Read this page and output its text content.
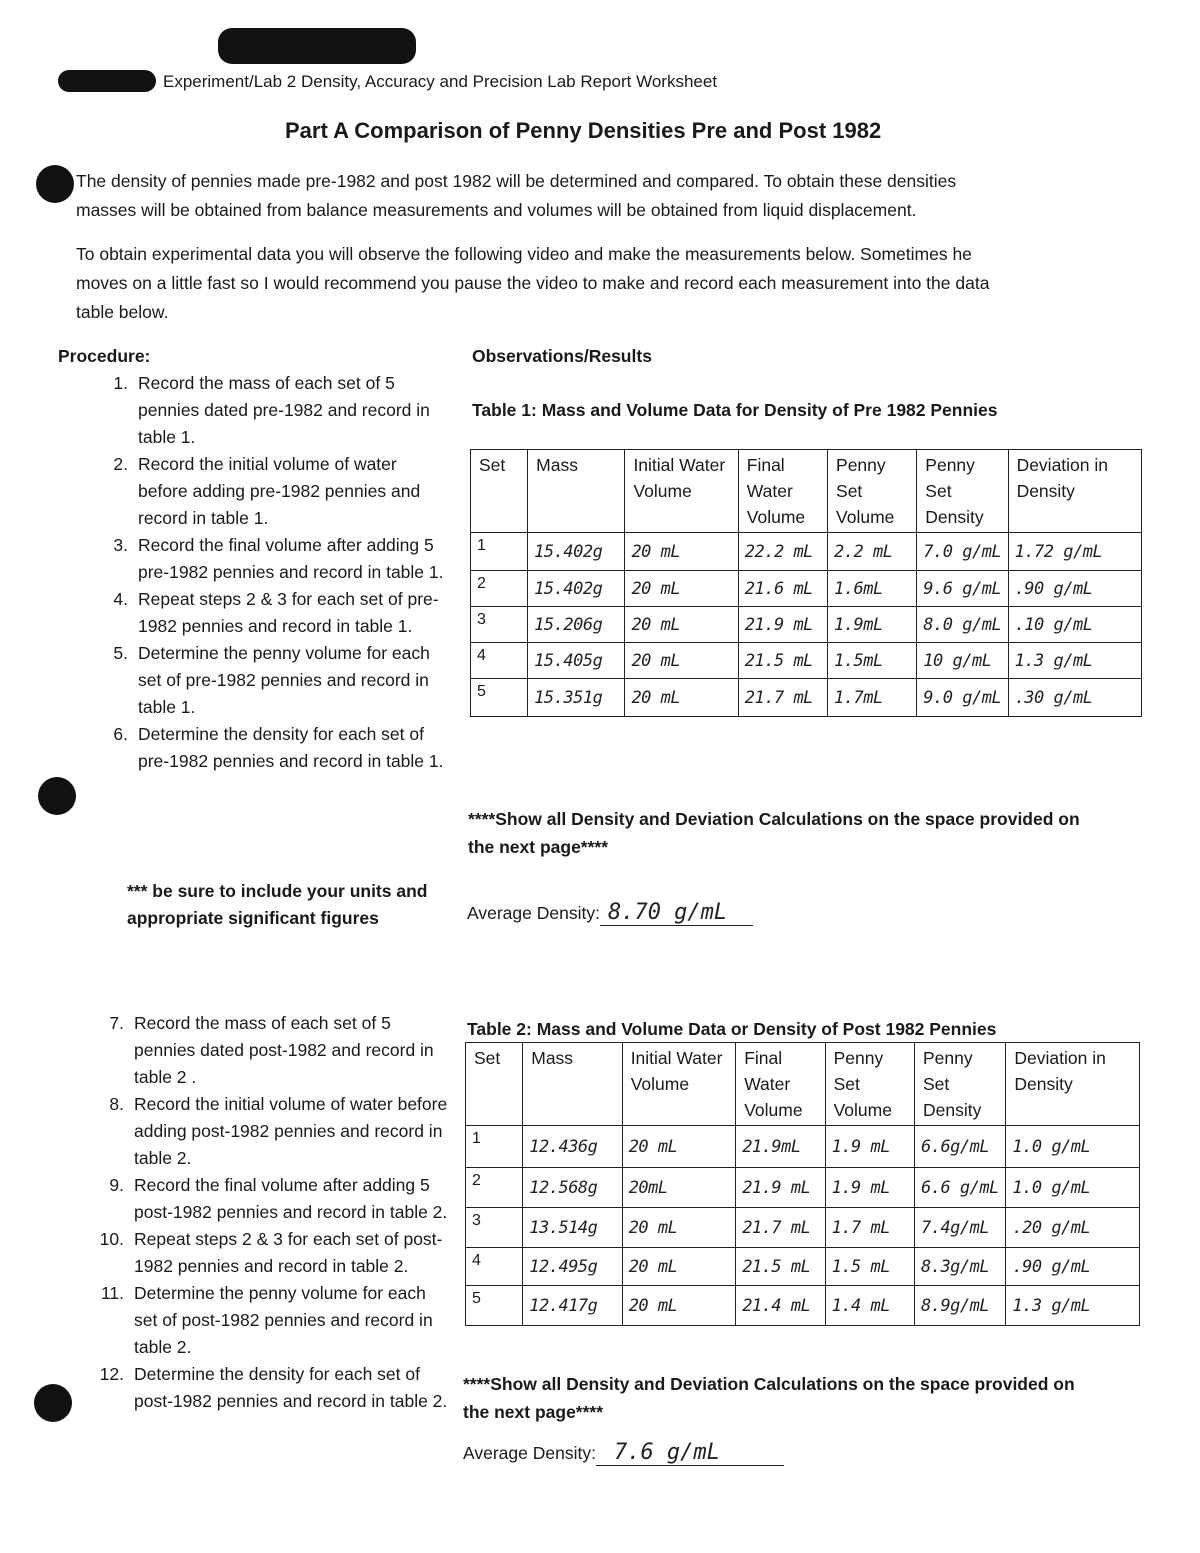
Experiment/Lab 2 Density, Accuracy and Precision Lab Report Worksheet
Part A Comparison of Penny Densities Pre and Post 1982
The density of pennies made pre-1982 and post 1982 will be determined and compared. To obtain these densities
masses will be obtained from balance measurements and volumes will be obtained from liquid displacement.
To obtain experimental data you will observe the following video and make the measurements below. Sometimes he
moves on a little fast so I would recommend you pause the video to make and record each measurement into the data
table below.
Procedure:
1. Record the mass of each set of 5 pennies dated pre-1982 and record in table 1.
2. Record the initial volume of water before adding pre-1982 pennies and record in table 1.
3. Record the final volume after adding 5 pre-1982 pennies and record in table 1.
4. Repeat steps 2 & 3 for each set of pre-1982 pennies and record in table 1.
5. Determine the penny volume for each set of pre-1982 pennies and record in table 1.
6. Determine the density for each set of pre-1982 pennies and record in table 1.
*** be sure to include your units and appropriate significant figures
7. Record the mass of each set of 5 pennies dated post-1982 and record in table 2 .
8. Record the initial volume of water before adding post-1982 pennies and record in table 2.
9. Record the final volume after adding 5 post-1982 pennies and record in table 2.
10. Repeat steps 2 & 3 for each set of post-1982 pennies and record in table 2.
11. Determine the penny volume for each set of post-1982 pennies and record in table 2.
12. Determine the density for each set of post-1982 pennies and record in table 2.
Observations/Results
Table 1: Mass and Volume Data for Density of Pre 1982 Pennies
Set	Mass	Initial Water Volume	Final Water Volume	Penny Set Volume	Penny Set Density	Deviation in Density
1	15.402g	20 mL	22.2 mL	2.2 mL	7.0 g/mL	1.72 g/mL
2	15.402g	20 mL	21.6 mL	1.6mL	9.6 g/mL	.90 g/mL
3	15.206g	20 mL	21.9 mL	1.9mL	8.0 g/mL	.10 g/mL
4	15.405g	20 mL	21.5 mL	1.5mL	10 g/mL	1.3 g/mL
5	15.351g	20 mL	21.7 mL	1.7mL	9.0 g/mL	.30 g/mL
****Show all Density and Deviation Calculations on the space provided on
the next page****
Average Density: 8.70 g/mL
Table 2: Mass and Volume Data or Density of Post 1982 Pennies
Set	Mass	Initial Water Volume	Final Water Volume	Penny Set Volume	Penny Set Density	Deviation in Density
1	12.436g	20 mL	21.9mL	1.9 mL	6.6g/mL	1.0 g/mL
2	12.568g	20mL	21.9 mL	1.9 mL	6.6 g/mL	1.0 g/mL
3	13.514g	20 mL	21.7 mL	1.7 mL	7.4g/mL	.20 g/mL
4	12.495g	20 mL	21.5 mL	1.5 mL	8.3g/mL	.90 g/mL
5	12.417g	20 mL	21.4 mL	1.4 mL	8.9g/mL	1.3 g/mL
****Show all Density and Deviation Calculations on the space provided on
the next page****
Average Density: 7.6 g/mL
